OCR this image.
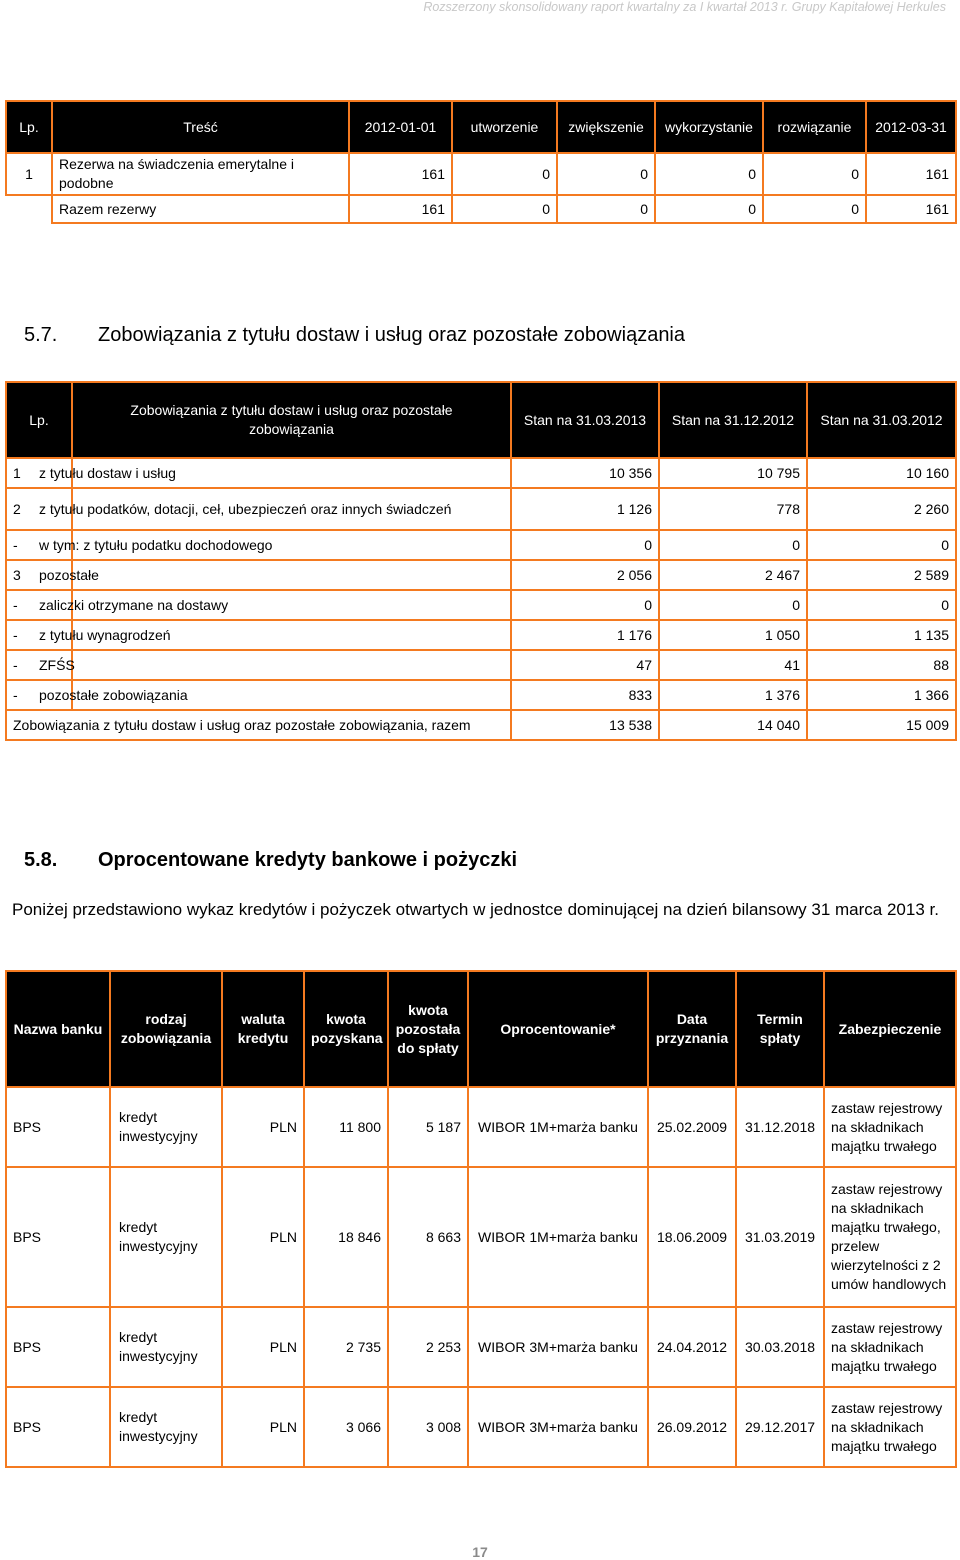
Rozszerzony skonsolidowany raport kwartalny za I kwartał 2013 r. Grupy Kapitałowej Herkules
Lp.	Treść	2012-01-01	utworzenie	zwiększenie	wykorzystanie	rozwiązanie	2012-03-31
1	Rezerwa na świadczenia emerytalne i podobne	161	0	0	0	0	161
	Razem rezerwy	161	0	0	0	0	161
5.7. Zobowiązania z tytułu dostaw i usług oraz pozostałe zobowiązania
Lp.	Zobowiązania z tytułu dostaw i usług oraz pozostałe zobowiązania	Stan na 31.03.2013	Stan na 31.12.2012	Stan na 31.03.2012
1	z tytułu dostaw i usług	10 356	10 795	10 160
2	z tytułu podatków, dotacji, ceł, ubezpieczeń oraz innych świadczeń	1 126	778	2 260
-	w tym: z tytułu podatku dochodowego	0	0	0
3	pozostałe	2 056	2 467	2 589
-	zaliczki otrzymane na dostawy	0	0	0
-	z tytułu wynagrodzeń	1 176	1 050	1 135
-	ZFŚS	47	41	88
-	pozostałe zobowiązania	833	1 376	1 366
Zobowiązania z tytułu dostaw i usług oraz pozostałe zobowiązania, razem	13 538	14 040	15 009
5.8. Oprocentowane kredyty bankowe i pożyczki
Poniżej przedstawiono wykaz kredytów i pożyczek otwartych w jednostce dominującej na dzień bilansowy 31 marca 2013 r.
Nazwa banku	rodzaj zobowiązania	waluta kredytu	kwota pozyskana	kwota pozostała do spłaty	Oprocentowanie*	Data przyznania	Termin spłaty	Zabezpieczenie
BPS	kredyt inwestycyjny	PLN	11 800	5 187	WIBOR 1M+marża banku	25.02.2009	31.12.2018	zastaw rejestrowy na składnikach majątku trwałego
BPS	kredyt inwestycyjny	PLN	18 846	8 663	WIBOR 1M+marża banku	18.06.2009	31.03.2019	zastaw rejestrowy na składnikach majątku trwałego, przelew wierzytelności z 2 umów handlowych
BPS	kredyt inwestycyjny	PLN	2 735	2 253	WIBOR 3M+marża banku	24.04.2012	30.03.2018	zastaw rejestrowy na składnikach majątku trwałego
BPS	kredyt inwestycyjny	PLN	3 066	3 008	WIBOR 3M+marża banku	26.09.2012	29.12.2017	zastaw rejestrowy na składnikach majątku trwałego
17
